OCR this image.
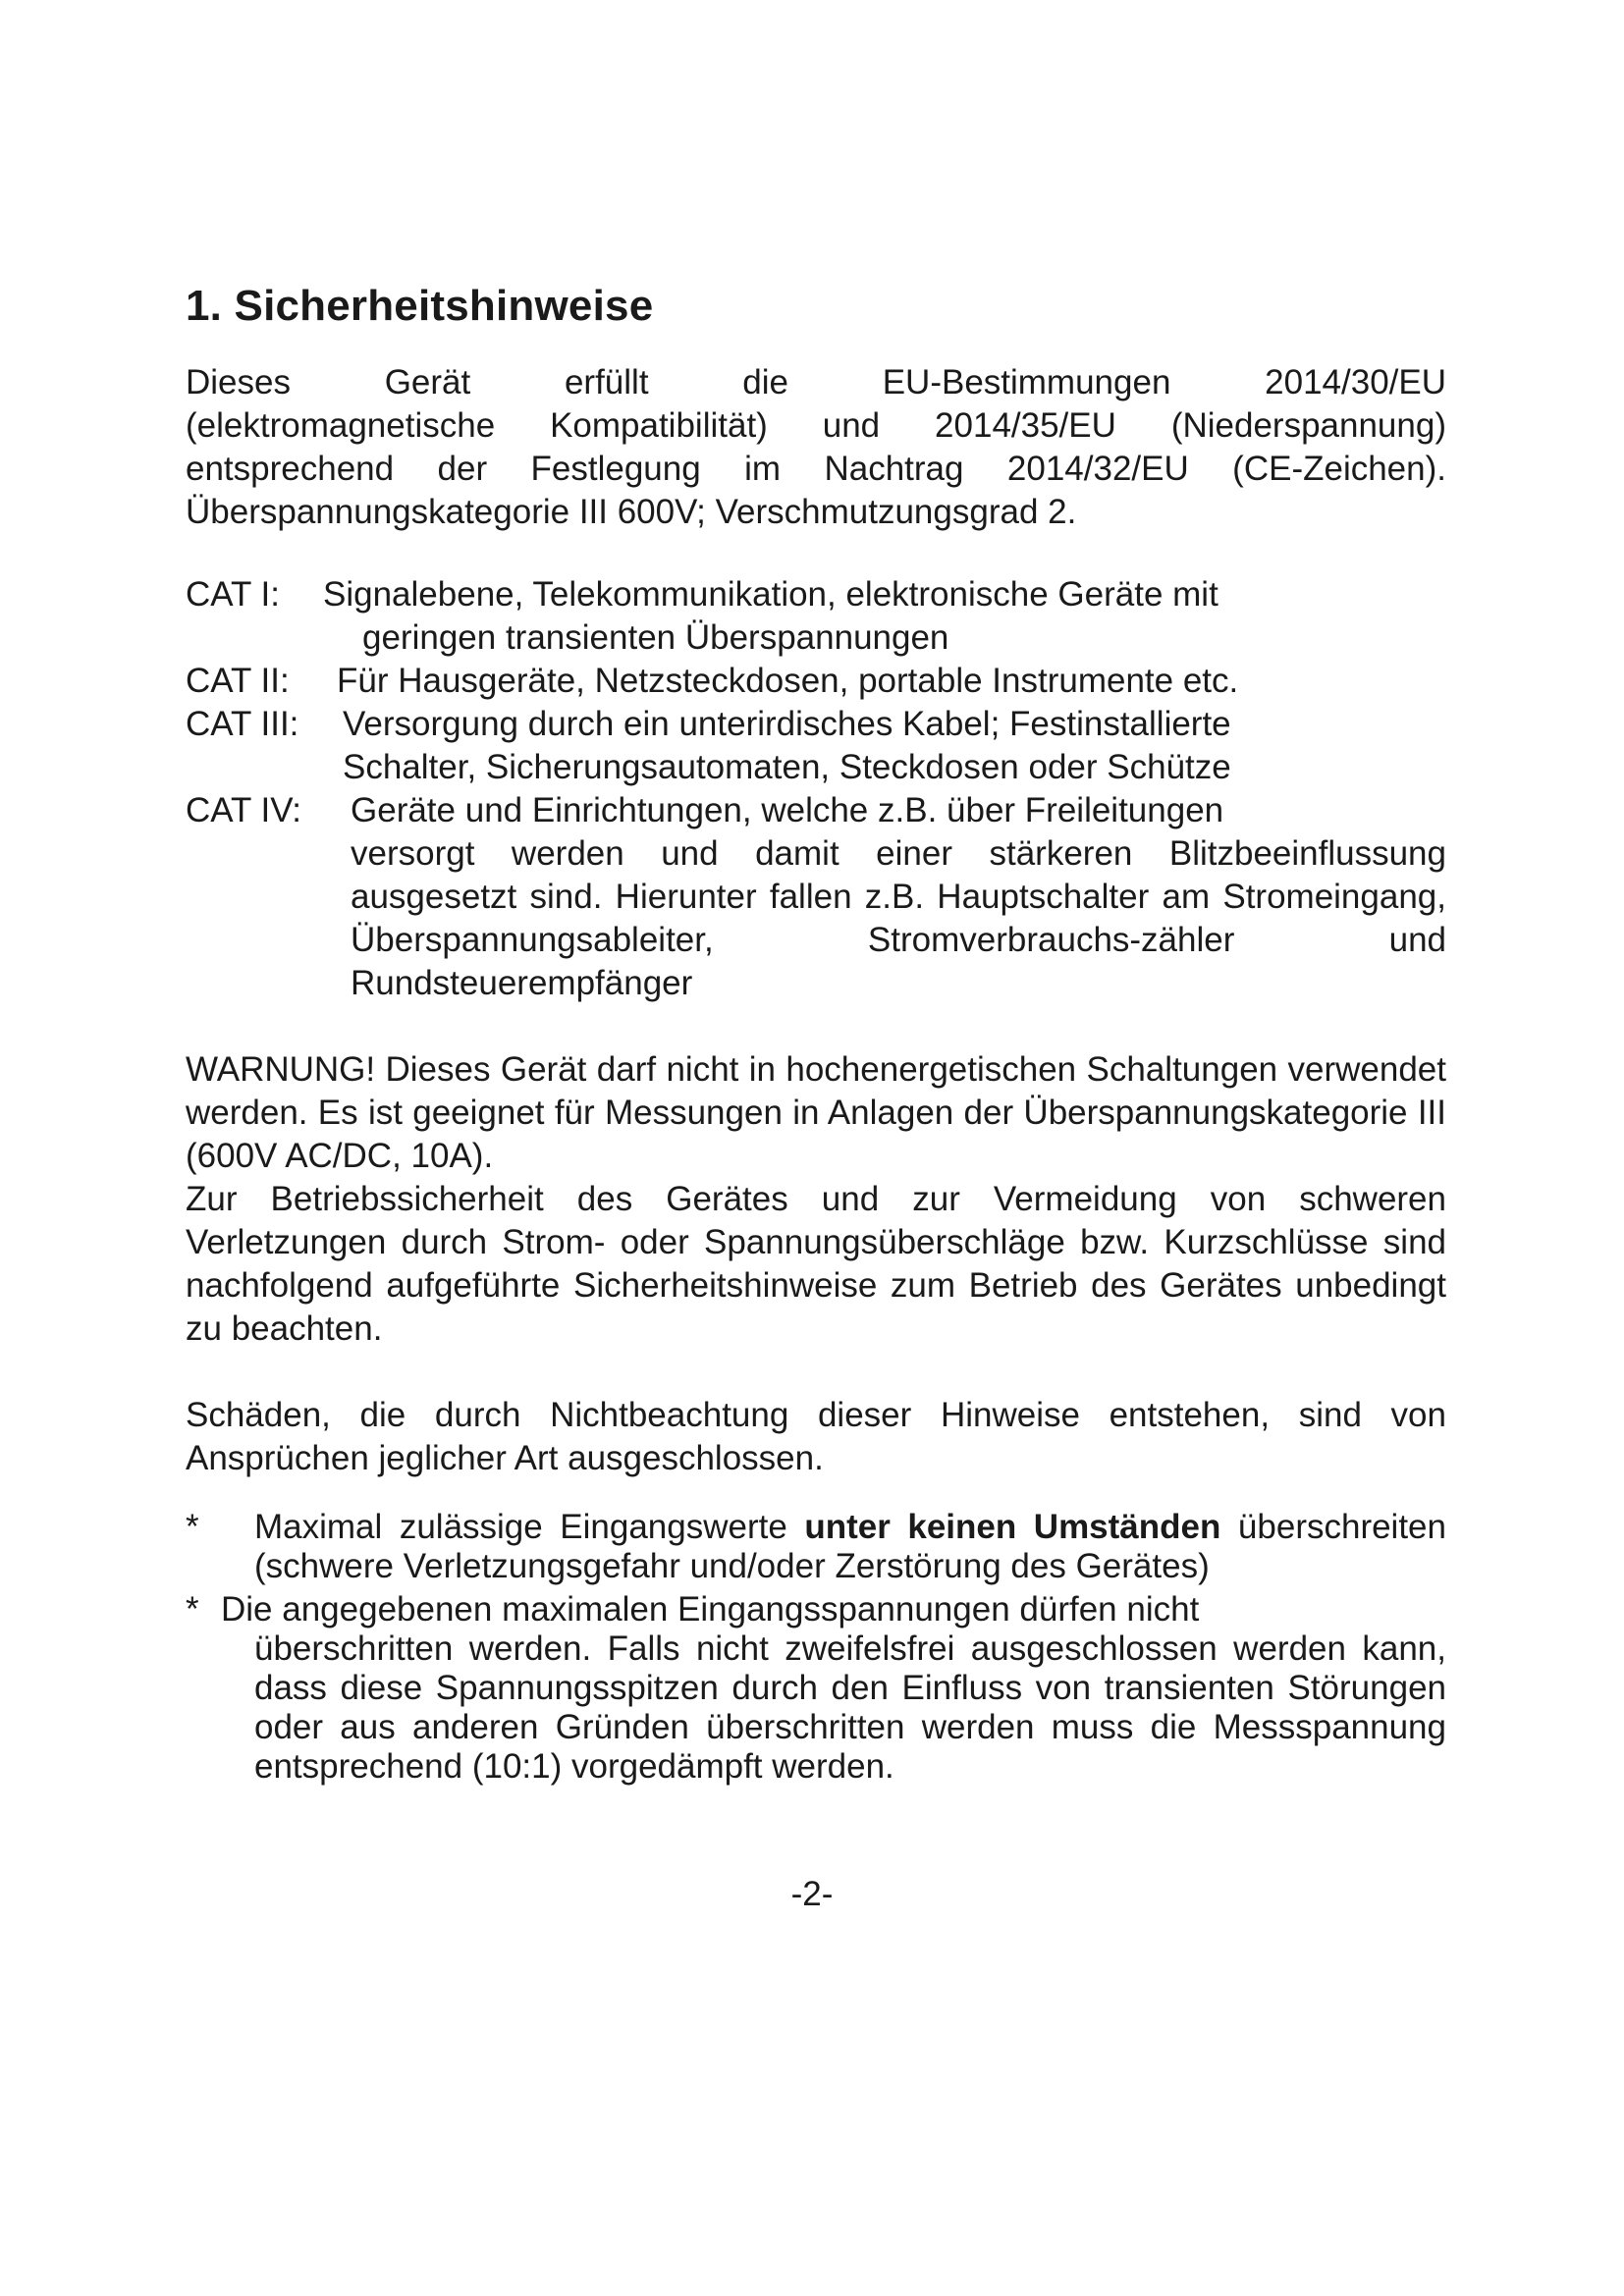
1. Sicherheitshinweise

Dieses Gerät erfüllt die EU-Bestimmungen 2014/30/EU
(elektromagnetische Kompatibilität) und 2014/35/EU (Niederspannung) entsprechend der Festlegung im Nachtrag 2014/32/EU (CE-Zeichen). Überspannungskategorie III 600V; Verschmutzungsgrad 2.

CAT I:	Signalebene, Telekommunikation, elektronische Geräte mit
geringen transienten Überspannungen
CAT II:	Für Hausgeräte, Netzsteckdosen, portable Instrumente etc.
CAT III:	Versorgung durch ein unterirdisches Kabel; Festinstallierte
Schalter, Sicherungsautomaten, Steckdosen oder Schütze
CAT IV:	Geräte und Einrichtungen, welche z.B. über Freileitungen
versorgt werden und damit einer stärkeren Blitzbeeinflussung ausgesetzt sind. Hierunter fallen z.B. Hauptschalter am Stromeingang, Überspannungsableiter, Stromverbrauchs-zähler und Rundsteuerempfänger

WARNUNG! Dieses Gerät darf nicht in hochenergetischen Schaltungen verwendet werden. Es ist geeignet für Messungen in Anlagen der Überspannungskategorie III (600V AC/DC, 10A).

Zur Betriebssicherheit des Gerätes und zur Vermeidung von schweren Verletzungen durch Strom- oder Spannungsüberschläge bzw. Kurzschlüsse sind nachfolgend aufgeführte Sicherheitshinweise zum Betrieb des Gerätes unbedingt zu beachten.

Schäden, die durch Nichtbeachtung dieser Hinweise entstehen, sind von Ansprüchen jeglicher Art ausgeschlossen.

*	Maximal zulässige Eingangswerte unter keinen Umständen überschreiten (schwere Verletzungsgefahr und/oder Zerstörung des Gerätes)
* Die angegebenen maximalen Eingangsspannungen dürfen nicht
überschritten werden. Falls nicht zweifelsfrei ausgeschlossen werden kann, dass diese Spannungsspitzen durch den Einfluss von transienten Störungen oder aus anderen Gründen überschritten werden muss die Messspannung entsprechend (10:1) vorgedämpft werden.
-2-
